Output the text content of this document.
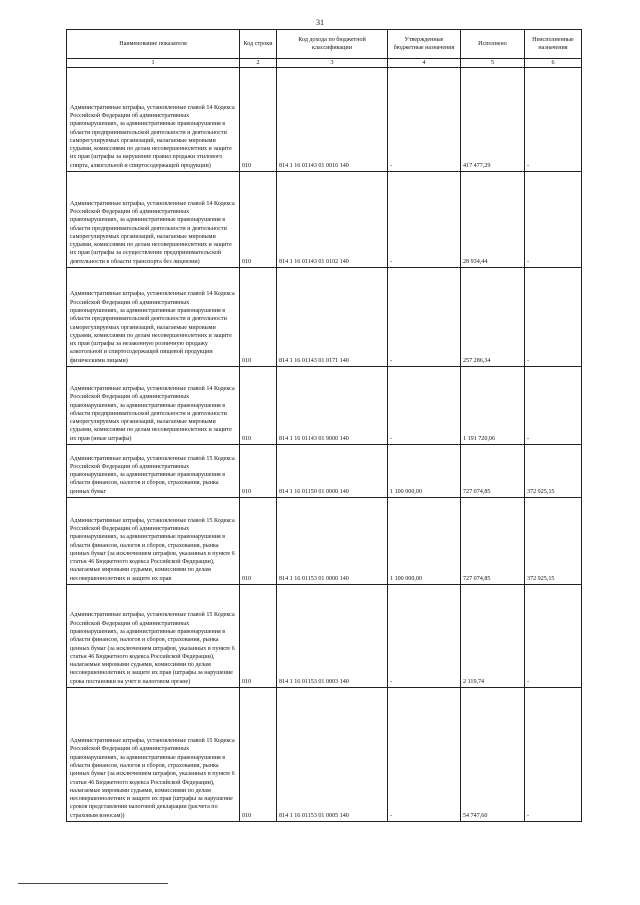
31
Наименование показателя	Код строки	Код дохода по бюджетной классификации	Утвержденные бюджетные назначения	Исполнено	Неисполненные назначения
1	2	3	4	5	6
Административные штрафы, установленные главой 14 Кодекса Российской Федерации об административных правонарушениях, за административные правонарушения в области предпринимательской деятельности и деятельности саморегулируемых организаций, налагаемые мировыми судьями, комиссиями по делам несовершеннолетних и защите их прав (штрафы за нарушение правил продажи этилового спирта, алкогольной и спиртосодержащей продукции)	010	814 1 16 01143 01 0016 140	-	417 477,29	-
Административные штрафы, установленные главой 14 Кодекса Российской Федерации об административных правонарушениях, за административные правонарушения в области предпринимательской деятельности и деятельности саморегулируемых организаций, налагаемые мировыми судьями, комиссиями по делам несовершеннолетних и защите их прав (штрафы за осуществление предпринимательской деятельности в области транспорта без лицензии)	010	814 1 16 01143 01 0102 140	-	28 934,44	-
Административные штрафы, установленные главой 14 Кодекса Российской Федерации об административных правонарушениях, за административные правонарушения в области предпринимательской деятельности и деятельности саморегулируемых организаций, налагаемые мировыми судьями, комиссиями по делам несовершеннолетних и защите их прав (штрафы за незаконную розничную продажу алкогольной и спиртосодержащей пищевой продукции физическими лицами)	010	814 1 16 01143 01 0171 140	-	257 286,34	-
Административные штрафы, установленные главой 14 Кодекса Российской Федерации об административных правонарушениях, за административные правонарушения в области предпринимательской деятельности и деятельности саморегулируемых организаций, налагаемые мировыми судьями, комиссиями по делам несовершеннолетних и защите их прав (иные штрафы)	010	814 1 16 01143 01 9000 140	-	1 191 720,06	-
Административные штрафы, установленные главой 15 Кодекса Российской Федерации об административных правонарушениях, за административные правонарушения в области финансов, налогов и сборов, страхования, рынка ценных бумаг	010	814 1 16 01150 01 0000 140	1 100 000,00	727 074,85	372 925,15
Административные штрафы, установленные главой 15 Кодекса Российской Федерации об административных правонарушениях, за административные правонарушения в области финансов, налогов и сборов, страхования, рынка ценных бумаг (за исключением штрафов, указанных в пункте 6 статьи 46 Бюджетного кодекса Российской Федерации), налагаемые мировыми судьями, комиссиями по делам несовершеннолетних и защите их прав	010	814 1 16 01153 01 0000 140	1 100 000,00	727 074,85	372 925,15
Административные штрафы, установленные главой 15 Кодекса Российской Федерации об административных правонарушениях, за административные правонарушения в области финансов, налогов и сборов, страхования, рынка ценных бумаг (за исключением штрафов, указанных в пункте 6 статьи 46 Бюджетного кодекса Российской Федерации), налагаемые мировыми судьями, комиссиями по делам несовершеннолетних и защите их прав (штрафы за нарушение срока постановки на учет в налоговом органе)	010	814 1 16 01153 01 0003 140	-	2 119,74	-
Административные штрафы, установленные главой 15 Кодекса Российской Федерации об административных правонарушениях, за административные правонарушения в области финансов, налогов и сборов, страхования, рынка ценных бумаг (за исключением штрафов, указанных в пункте 6 статьи 46 Бюджетного кодекса Российской Федерации), налагаемые мировыми судьями, комиссиями по делам несовершеннолетних и защите их прав (штрафы за нарушение сроков представления налоговой декларации (расчета по страховым взносам))	010	814 1 16 01153 01 0005 140	-	54 747,60	-
